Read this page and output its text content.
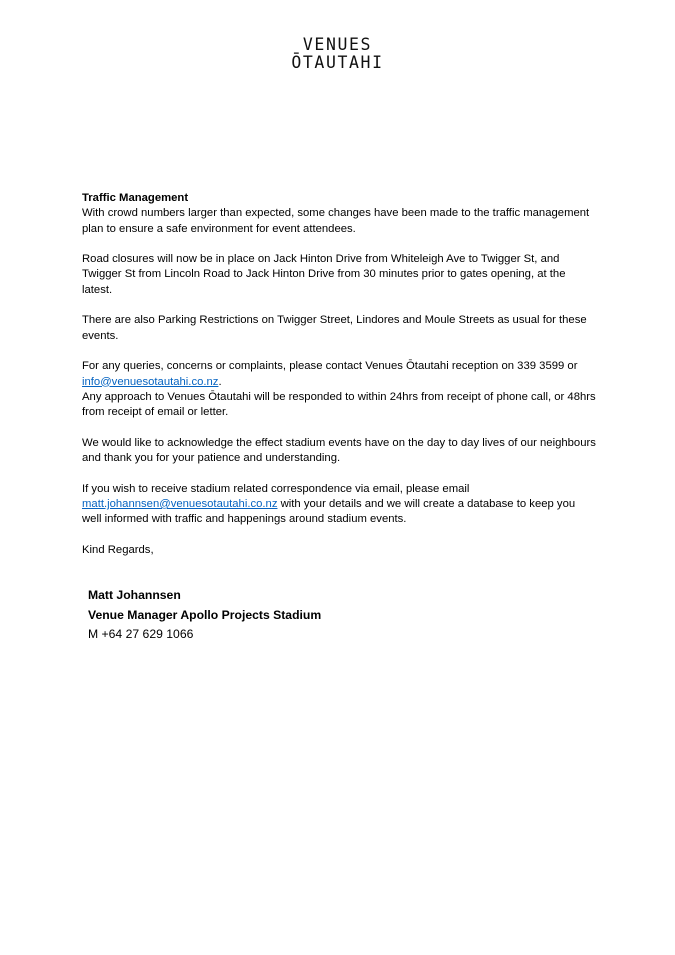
VENUES
ŌTAUTAHI

Traffic Management
With crowd numbers larger than expected, some changes have been made to the traffic management plan to ensure a safe environment for event attendees.

Road closures will now be in place on Jack Hinton Drive from Whiteleigh Ave to Twigger St, and Twigger St from Lincoln Road to Jack Hinton Drive from 30 minutes prior to gates opening, at the latest.

There are also Parking Restrictions on Twigger Street, Lindores and Moule Streets as usual for these events.

For any queries, concerns or complaints, please contact Venues Ōtautahi reception on 339 3599 or info@venuesotautahi.co.nz.
Any approach to Venues Ōtautahi will be responded to within 24hrs from receipt of phone call, or 48hrs from receipt of email or letter.

We would like to acknowledge the effect stadium events have on the day to day lives of our neighbours and thank you for your patience and understanding.

If you wish to receive stadium related correspondence via email, please email matt.johannsen@venuesotautahi.co.nz with your details and we will create a database to keep you well informed with traffic and happenings around stadium events.

Kind Regards,

Matt Johannsen
Venue Manager Apollo Projects Stadium
M +64 27 629 1066
